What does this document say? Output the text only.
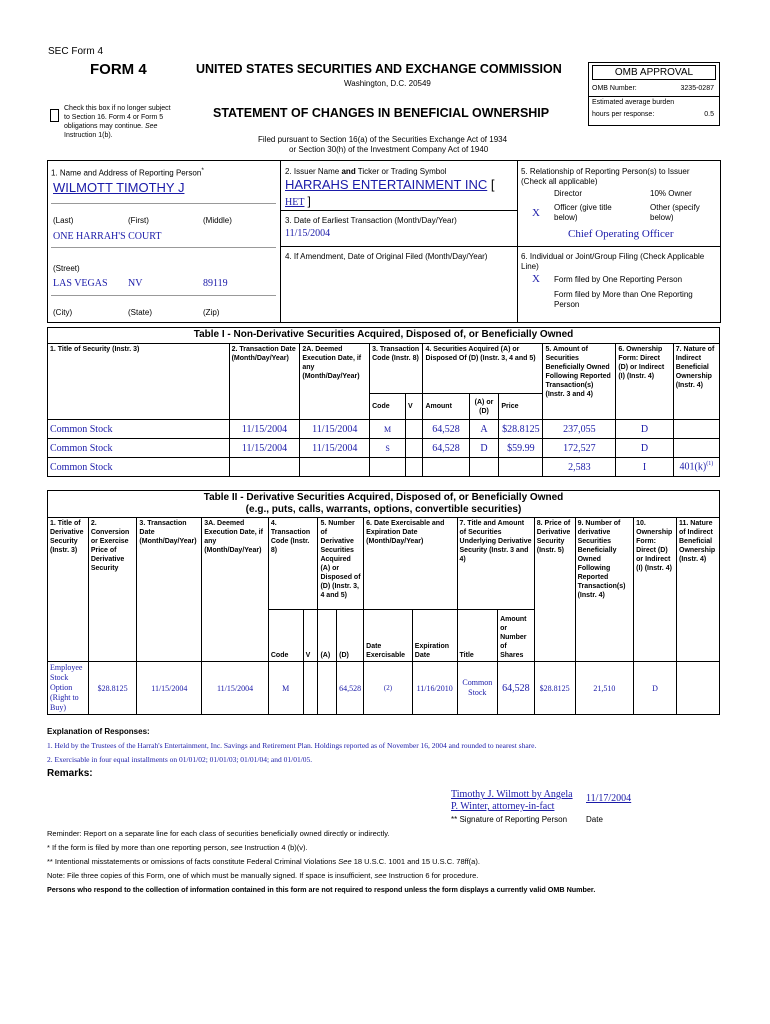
SEC Form 4
FORM 4	UNITED STATES SECURITIES AND EXCHANGE COMMISSION
Washington, D.C. 20549
Check this box if no longer subject
to Section 16. Form 4 or Form 5
obligations may continue. See
Instruction 1(b).
STATEMENT OF CHANGES IN BENEFICIAL OWNERSHIP
Filed pursuant to Section 16(a) of the Securities Exchange Act of 1934
or Section 30(h) of the Investment Company Act of 1940
OMB APPROVAL
OMB Number:	3235-0287
Estimated average burden
hours per response:	0.5
1. Name and Address of Reporting Person*
WILMOTT TIMOTHY J
(Last)	(First)	(Middle)
ONE HARRAH'S COURT
(Street)
LAS VEGAS NV	89119
(City)	(State)	(Zip)
2. Issuer Name and Ticker or Trading Symbol
HARRAHS ENTERTAINMENT INC [
HET ]
3. Date of Earliest Transaction (Month/Day/Year)
11/15/2004
4. If Amendment, Date of Original Filed (Month/Day/Year)
5. Relationship of Reporting Person(s) to Issuer
(Check all applicable)
Director	10% Owner
X Officer (give title
below)
Other (specify
below)
Chief Operating Officer
6. Individual or Joint/Group Filing (Check Applicable
Line)
X Form filed by One Reporting Person
Form filed by More than One Reporting
Person
Table I - Non-Derivative Securities Acquired, Disposed of, or Beneficially Owned										
1. Title of Security (Instr. 3)	2. Transaction Date (Month/Day/Year)	2A. Deemed Execution Date, if any (Month/Day/Year)	3. Transaction Code (Instr. 8)		4. Securities Acquired (A) or Disposed Of (D) (Instr. 3, 4 and 5)			5. Amount of Securities Beneficially Owned Following Reported Transaction(s) (Instr. 3 and 4)	6. Ownership Form: Direct (D) or Indirect (I) (Instr. 4)	7. Nature of Indirect Beneficial Ownership (Instr. 4)
			Code	V	Amount	(A) or (D)	Price			
Common Stock	11/15/2004	11/15/2004	M		64,528	A	$28.8125	237,055	D	
Common Stock	11/15/2004	11/15/2004	S		64,528	D	$59.99	172,527	D	
Common Stock								2,583	I	$401(k)^{(1)}$
Table II - Derivative Securities Acquired, Disposed of, or Beneficially Owned
(e.g., puts, calls, warrants, options, convertible securities)															

1. Title of Derivative Security (Instr. 3)	2. Conversion or Exercise Price of Derivative Security	3. Transaction Date (Month/Day/Year)	3A. Deemed Execution Date, if any (Month/Day/Year)	4. Transaction Code (Instr. 8)		5. Number of Derivative Securities Acquired (A) or Disposed of (D) (Instr. 3, 4 and 5)		6. Date Exercisable and Expiration Date (Month/Day/Year)		7. Title and Amount of Securities Underlying Derivative Security (Instr. 3 and 4)		8. Price of Derivative Security (Instr. 5)	9. Number of derivative Securities Beneficially Owned Following Reported Transaction(s) (Instr. 4)	10. Ownership Form: Direct (D) or Indirect (I) (Instr. 4)	11. Nature of Indirect Beneficial Ownership (Instr. 4)
				Code	V	(A)	(D)	Date Exercisable	Expiration Date	Title	Amount or Number of Shares				
Employee Stock Option (Right to Buy)	$28.8125	11/15/2004	11/15/2004	M			64,528	(2)	11/16/2010	Common Stock	64,528	$28.8125	21,510	D	
Explanation of Responses:
1. Held by the Trustees of the Harrah's Entertainment, Inc. Savings and Retirement Plan. Holdings reported as of November 16, 2004 and rounded to nearest share.
2. Exercisable in four equal installments on 01/01/02; 01/01/03; 01/01/04; and 01/01/05.
Remarks:
Timothy J. Wilmott by Angela
P. Winter, attorney-in-fact
11/17/2004
** Signature of Reporting Person Date
Reminder: Report on a separate line for each class of securities beneficially owned directly or indirectly.
* If the form is filed by more than one reporting person, see Instruction 4 (b)(v).
** Intentional misstatements or omissions of facts constitute Federal Criminal Violations See 18 U.S.C. 1001 and 15 U.S.C. 78ff(a).
Note: File three copies of this Form, one of which must be manually signed. If space is insufficient, see Instruction 6 for procedure.
Persons who respond to the collection of information contained in this form are not required to respond unless the form displays a currently valid OMB Number.
